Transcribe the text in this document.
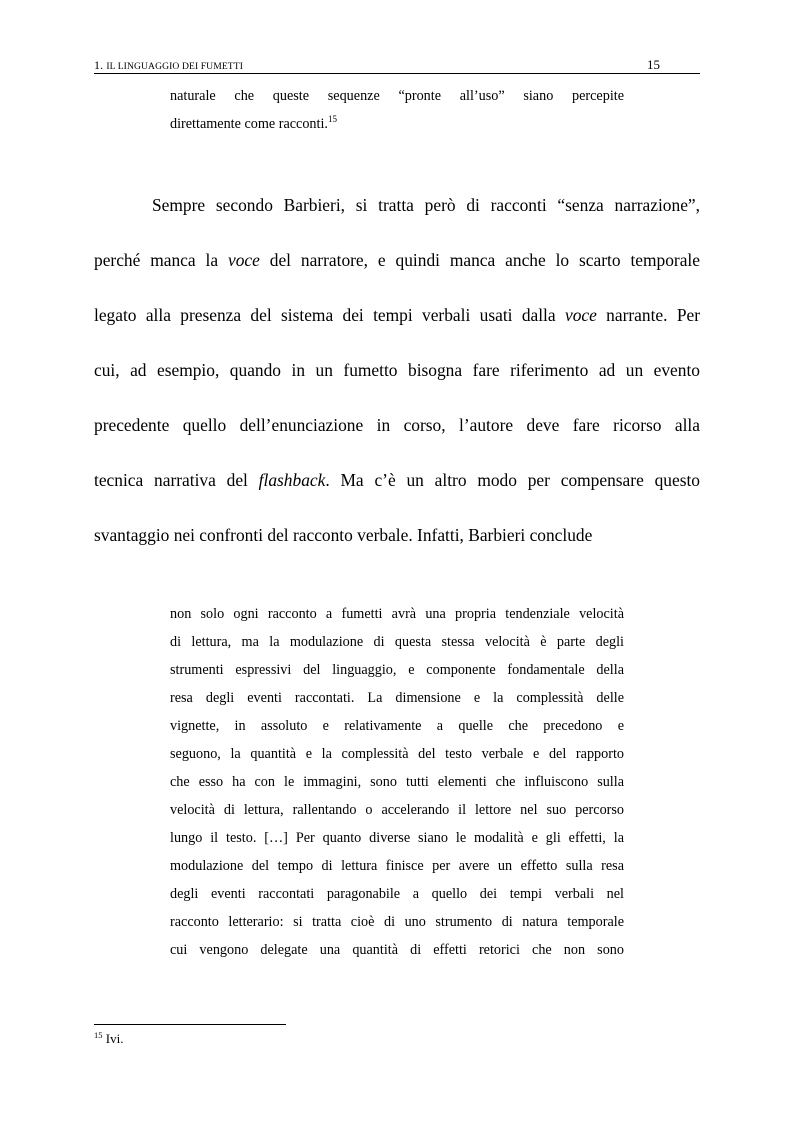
1. IL LINGUAGGIO DEI FUMETTI	15
naturale che queste sequenze “pronte all’uso” siano percepite
direttamente come racconti.$^{15}$
Sempre secondo Barbieri, si tratta però di racconti “senza narrazione”,
perché manca la voce del narratore, e quindi manca anche lo scarto temporale
legato alla presenza del sistema dei tempi verbali usati dalla voce narrante. Per
cui, ad esempio, quando in un fumetto bisogna fare riferimento ad un evento
precedente quello dell’enunciazione in corso, l’autore deve fare ricorso alla
tecnica narrativa del flashback. Ma c’è un altro modo per compensare questo
svantaggio nei confronti del racconto verbale. Infatti, Barbieri conclude
non solo ogni racconto a fumetti avrà una propria tendenziale velocità
di lettura, ma la modulazione di questa stessa velocità è parte degli
strumenti espressivi del linguaggio, e componente fondamentale della
resa degli eventi raccontati. La dimensione e la complessità delle
vignette, in assoluto e relativamente a quelle che precedono e
seguono, la quantità e la complessità del testo verbale e del rapporto
che esso ha con le immagini, sono tutti elementi che influiscono sulla
velocità di lettura, rallentando o accelerando il lettore nel suo percorso
lungo il testo. […] Per quanto diverse siano le modalità e gli effetti, la
modulazione del tempo di lettura finisce per avere un effetto sulla resa
degli eventi raccontati paragonabile a quello dei tempi verbali nel
racconto letterario: si tratta cioè di uno strumento di natura temporale
cui vengono delegate una quantità di effetti retorici che non sono
$^{15}$ Ivi.
